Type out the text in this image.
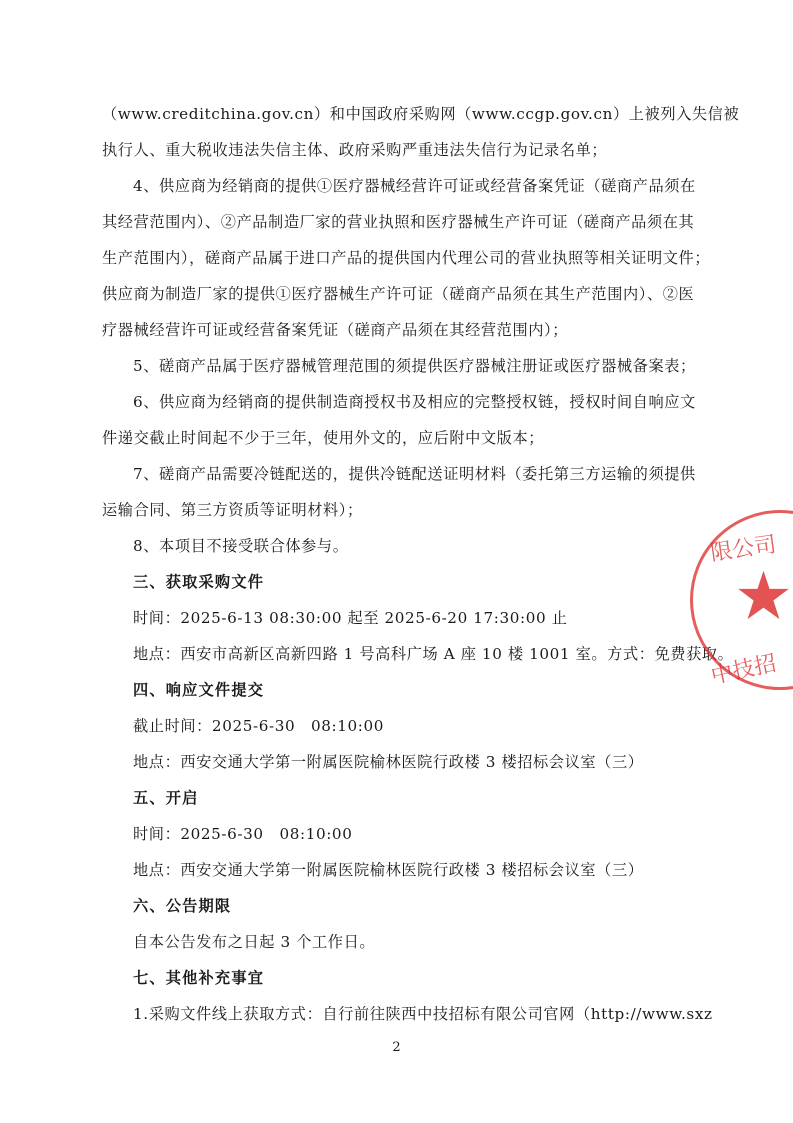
（www.creditchina.gov.cn）和中国政府采购网（www.ccgp.gov.cn）上被列入失信被
执行人、重大税收违法失信主体、政府采购严重违法失信行为记录名单；
4、供应商为经销商的提供①医疗器械经营许可证或经营备案凭证（磋商产品须在
其经营范围内）、②产品制造厂家的营业执照和医疗器械生产许可证（磋商产品须在其
生产范围内），磋商产品属于进口产品的提供国内代理公司的营业执照等相关证明文件；
供应商为制造厂家的提供①医疗器械生产许可证（磋商产品须在其生产范围内）、②医
疗器械经营许可证或经营备案凭证（磋商产品须在其经营范围内）；
5、磋商产品属于医疗器械管理范围的须提供医疗器械注册证或医疗器械备案表；
6、供应商为经销商的提供制造商授权书及相应的完整授权链，授权时间自响应文
件递交截止时间起不少于三年，使用外文的，应后附中文版本；
7、磋商产品需要冷链配送的，提供冷链配送证明材料（委托第三方运输的须提供
运输合同、第三方资质等证明材料）；
8、本项目不接受联合体参与。
三、获取采购文件
时间：2025-6-13 08:30:00 起至 2025-6-20 17:30:00 止
地点：西安市高新区高新四路 1 号高科广场 A 座 10 楼 1001 室。方式：免费获取。
四、响应文件提交
截止时间：2025-6-30　08:10:00
地点：西安交通大学第一附属医院榆林医院行政楼 3 楼招标会议室（三）
五、开启
时间：2025-6-30　08:10:00
地点：西安交通大学第一附属医院榆林医院行政楼 3 楼招标会议室（三）
六、公告期限
自本公告发布之日起 3 个工作日。
七、其他补充事宜
1.采购文件线上获取方式：自行前往陕西中技招标有限公司官网（http://www.sxz
限公司
中技招
2
